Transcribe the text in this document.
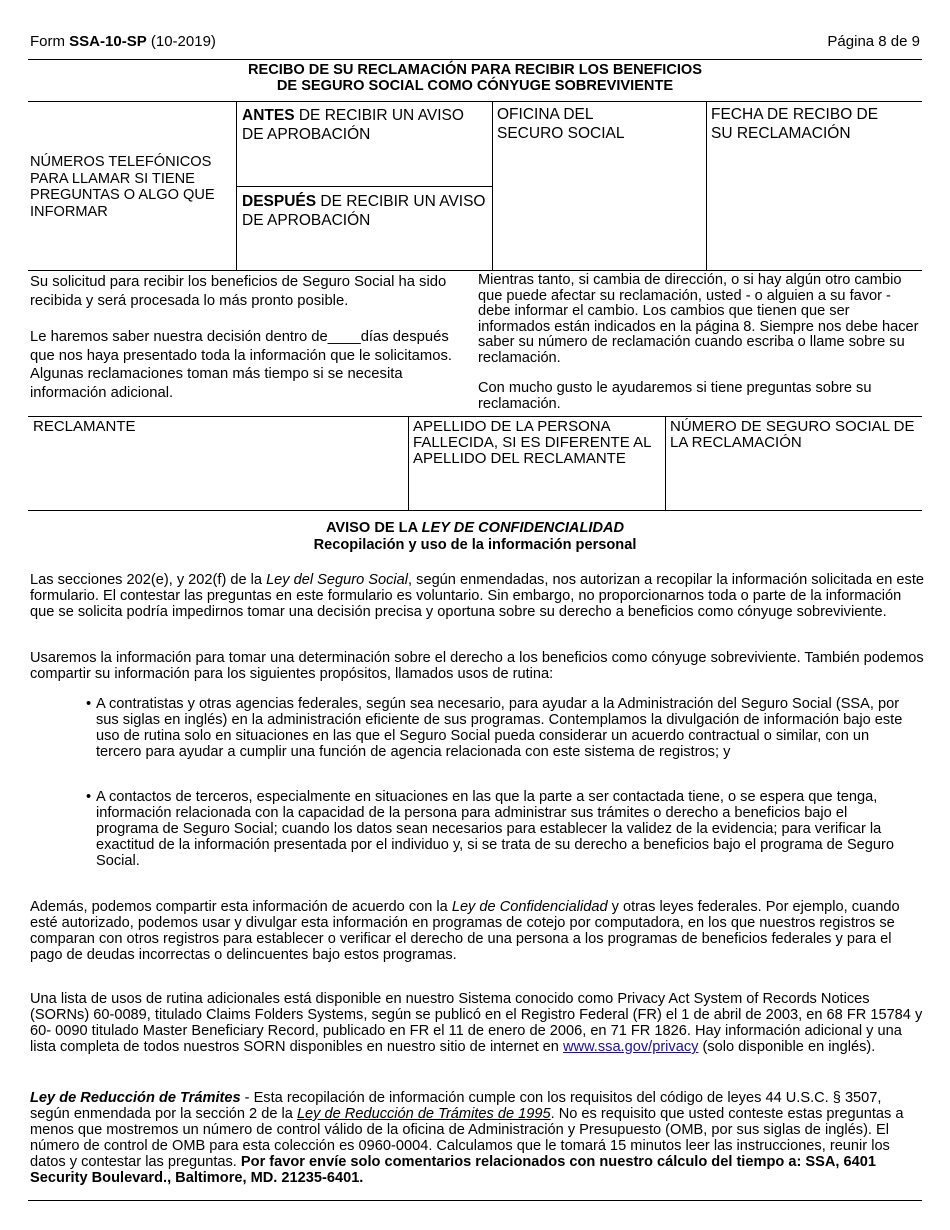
Form SSA-10-SP (10-2019)	Página 8 de 9
RECIBO DE SU RECLAMACIÓN PARA RECIBIR LOS BENEFICIOS
DE SEGURO SOCIAL COMO CÓNYUGE SOBREVIVIENTE
NÚMEROS TELEFÓNICOS PARA LLAMAR SI TIENE PREGUNTAS O ALGO QUE INFORMAR
ANTES DE RECIBIR UN AVISO DE APROBACIÓN
DESPUÉS DE RECIBIR UN AVISO DE APROBACIÓN
OFICINA DEL SECURO SOCIAL
FECHA DE RECIBO DE SU RECLAMACIÓN

Su solicitud para recibir los beneficios de Seguro Social ha sido recibida y será procesada lo más pronto posible.

Le haremos saber nuestra decisión dentro de____días después que nos haya presentado toda la información que le solicitamos. Algunas reclamaciones toman más tiempo si se necesita información adicional.

Mientras tanto, si cambia de dirección, o si hay algún otro cambio que puede afectar su reclamación, usted - o alguien a su favor - debe informar el cambio. Los cambios que tienen que ser informados están indicados en la página 8. Siempre nos debe hacer saber su número de reclamación cuando escriba o llame sobre su reclamación.

Con mucho gusto le ayudaremos si tiene preguntas sobre su reclamación.

RECLAMANTE	APELLIDO DE LA PERSONA FALLECIDA, SI ES DIFERENTE AL APELLIDO DEL RECLAMANTE
NÚMERO DE SEGURO SOCIAL DE LA RECLAMACIÓN
AVISO DE LA LEY DE CONFIDENCIALIDAD
Recopilación y uso de la información personal

Las secciones 202(e), y 202(f) de la Ley del Seguro Social, según enmendadas, nos autorizan a recopilar la información solicitada en este formulario. El contestar las preguntas en este formulario es voluntario. Sin embargo, no proporcionarnos toda o parte de la información que se solicita podría impedirnos tomar una decisión precisa y oportuna sobre su derecho a beneficios como cónyuge sobreviviente.

Usaremos la información para tomar una determinación sobre el derecho a los beneficios como cónyuge sobreviviente. También podemos compartir su información para los siguientes propósitos, llamados usos de rutina:

• A contratistas y otras agencias federales, según sea necesario, para ayudar a la Administración del Seguro Social (SSA, por sus siglas en inglés) en la administración eficiente de sus programas. Contemplamos la divulgación de información bajo este uso de rutina solo en situaciones en las que el Seguro Social pueda considerar un acuerdo contractual o similar, con un tercero para ayudar a cumplir una función de agencia relacionada con este sistema de registros; y
• A contactos de terceros, especialmente en situaciones en las que la parte a ser contactada tiene, o se espera que tenga, información relacionada con la capacidad de la persona para administrar sus trámites o derecho a beneficios bajo el programa de Seguro Social; cuando los datos sean necesarios para establecer la validez de la evidencia; para verificar la exactitud de la información presentada por el individuo y, si se trata de su derecho a beneficios bajo el programa de Seguro Social.

Además, podemos compartir esta información de acuerdo con la Ley de Confidencialidad y otras leyes federales. Por ejemplo, cuando esté autorizado, podemos usar y divulgar esta información en programas de cotejo por computadora, en los que nuestros registros se comparan con otros registros para establecer o verificar el derecho de una persona a los programas de beneficios federales y para el pago de deudas incorrectas o delincuentes bajo estos programas.

Una lista de usos de rutina adicionales está disponible en nuestro Sistema conocido como Privacy Act System of Records Notices (SORNs) 60-0089, titulado Claims Folders Systems, según se publicó en el Registro Federal (FR) el 1 de abril de 2003, en 68 FR 15784 y 60- 0090 titulado Master Beneficiary Record, publicado en FR el 11 de enero de 2006, en 71 FR 1826. Hay información adicional y una lista completa de todos nuestros SORN disponibles en nuestro sitio de internet en www.ssa.gov/privacy (solo disponible en inglés).

Ley de Reducción de Trámites - Esta recopilación de información cumple con los requisitos del código de leyes 44 U.S.C. § 3507, según enmendada por la sección 2 de la Ley de Reducción de Trámites de 1995. No es requisito que usted conteste estas preguntas a menos que mostremos un número de control válido de la oficina de Administración y Presupuesto (OMB, por sus siglas de inglés). El número de control de OMB para esta colección es 0960-0004. Calculamos que le tomará 15 minutos leer las instrucciones, reunir los datos y contestar las preguntas. Por favor envíe solo comentarios relacionados con nuestro cálculo del tiempo a: SSA, 6401 Security Boulevard., Baltimore, MD. 21235-6401.
